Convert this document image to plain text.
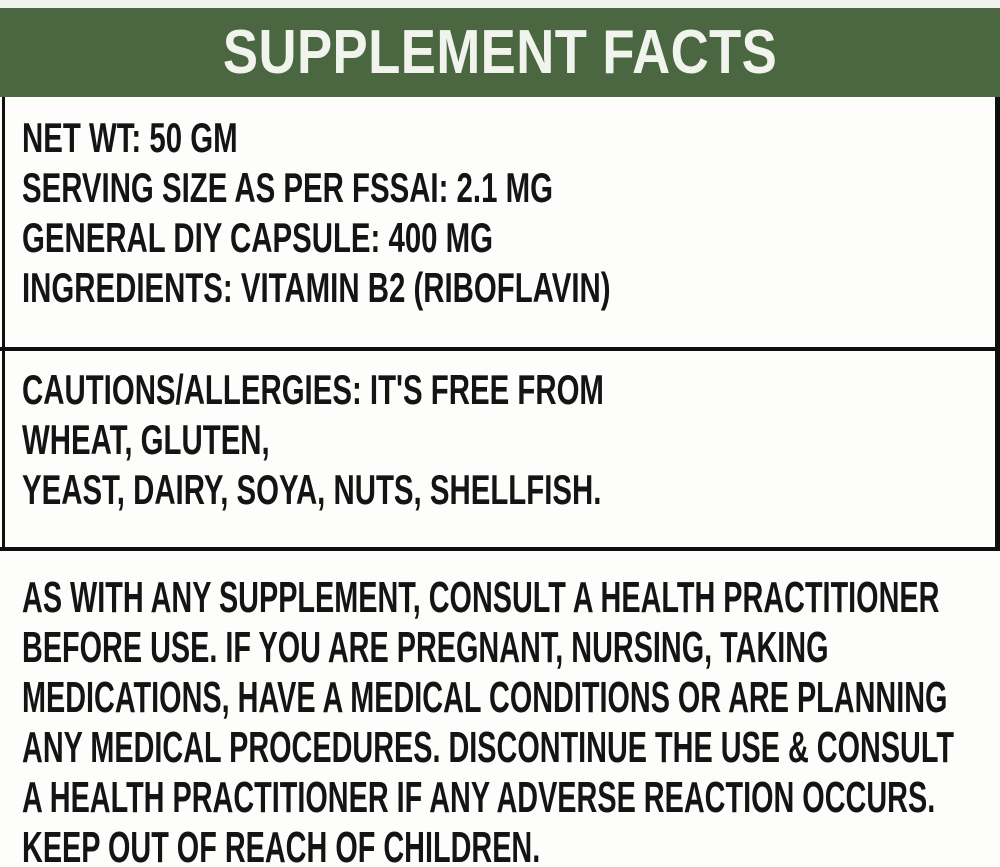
SUPPLEMENT FACTS
NET WT: 50 GM
SERVING SIZE AS PER FSSAI: 2.1 MG
GENERAL DIY CAPSULE: 400 MG
INGREDIENTS: VITAMIN B2 (RIBOFLAVIN)
CAUTIONS/ALLERGIES: IT'S FREE FROM
WHEAT, GLUTEN,
YEAST, DAIRY, SOYA, NUTS, SHELLFISH.
AS WITH ANY SUPPLEMENT, CONSULT A HEALTH PRACTITIONER
BEFORE USE. IF YOU ARE PREGNANT, NURSING, TAKING
MEDICATIONS, HAVE A MEDICAL CONDITIONS OR ARE PLANNING
ANY MEDICAL PROCEDURES. DISCONTINUE THE USE & CONSULT
A HEALTH PRACTITIONER IF ANY ADVERSE REACTION OCCURS.
KEEP OUT OF REACH OF CHILDREN.
